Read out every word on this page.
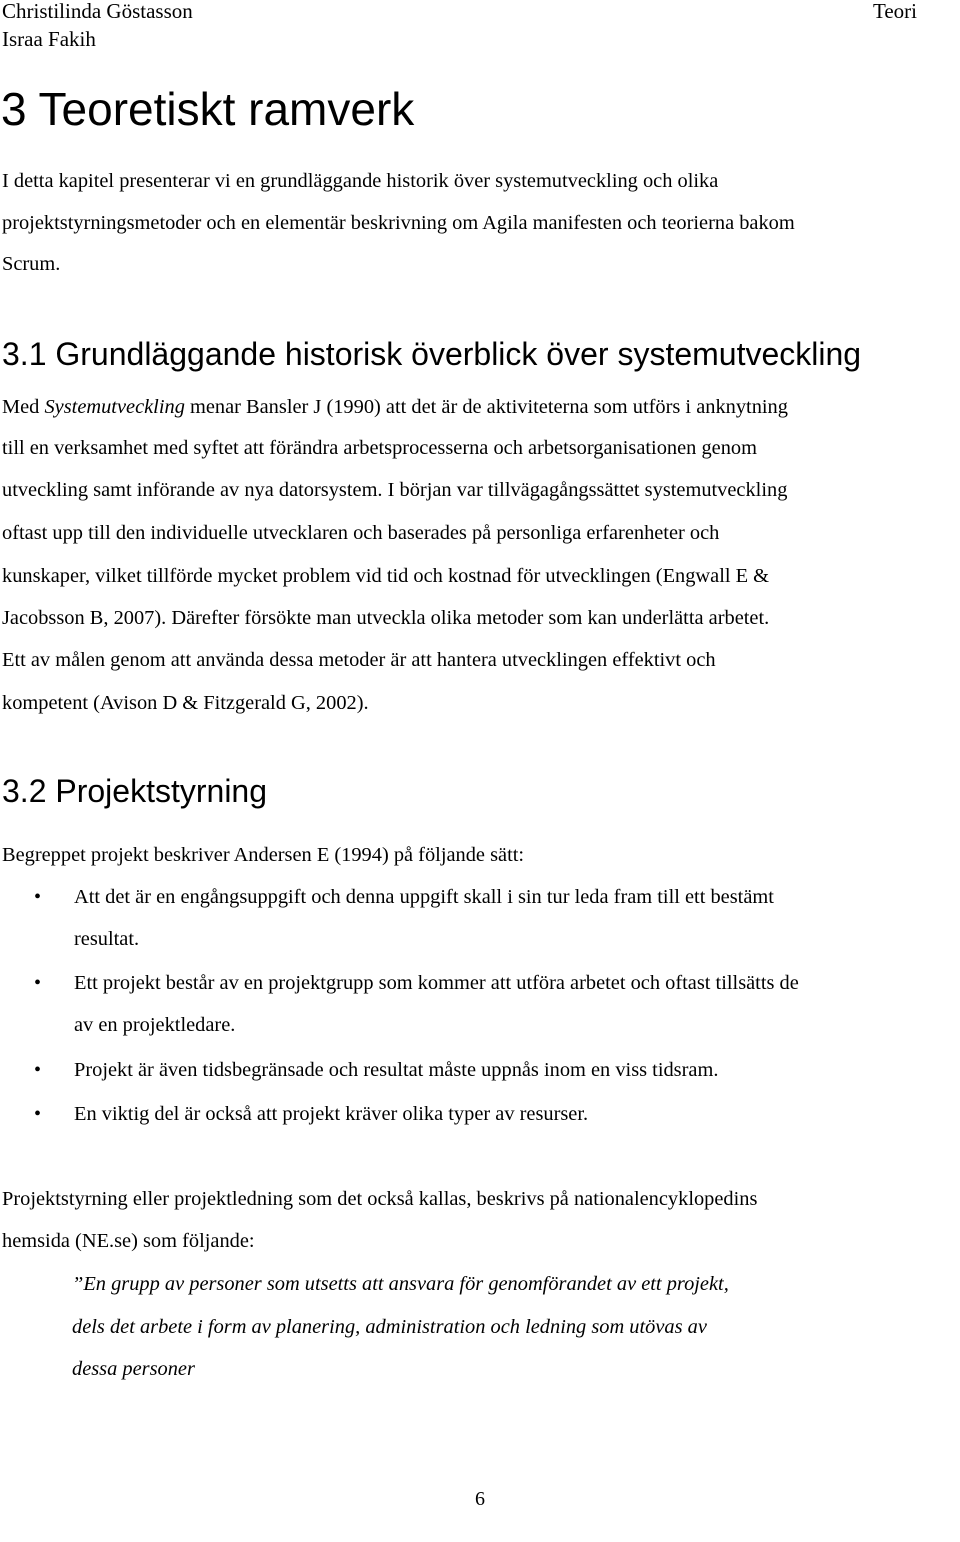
Christilinda Göstasson
Israa Fakih
Teori
3 Teoretiskt ramverk
I detta kapitel presenterar vi en grundläggande historik över systemutveckling och olika
projektstyrningsmetoder och en elementär beskrivning om Agila manifesten och teorierna bakom
Scrum.
3.1 Grundläggande historisk överblick över systemutveckling
Med Systemutveckling menar Bansler J (1990) att det är de aktiviteterna som utförs i anknytning
till en verksamhet med syftet att förändra arbetsprocesserna och arbetsorganisationen genom
utveckling samt införande av nya datorsystem. I början var tillvägagångssättet systemutveckling
oftast upp till den individuelle utvecklaren och baserades på personliga erfarenheter och
kunskaper, vilket tillförde mycket problem vid tid och kostnad för utvecklingen (Engwall E &
Jacobsson B, 2007). Därefter försökte man utveckla olika metoder som kan underlätta arbetet.
Ett av målen genom att använda dessa metoder är att hantera utvecklingen effektivt och
kompetent (Avison D & Fitzgerald G, 2002).
3.2 Projektstyrning
Begreppet projekt beskriver Andersen E (1994) på följande sätt:
• Att det är en engångsuppgift och denna uppgift skall i sin tur leda fram till ett bestämt
resultat.
• Ett projekt består av en projektgrupp som kommer att utföra arbetet och oftast tillsätts de
av en projektledare.
• Projekt är även tidsbegränsade och resultat måste uppnås inom en viss tidsram.
• En viktig del är också att projekt kräver olika typer av resurser.
Projektstyrning eller projektledning som det också kallas, beskrivs på nationalencyklopedins
hemsida (NE.se) som följande:
”En grupp av personer som utsetts att ansvara för genomförandet av ett projekt,
dels det arbete i form av planering, administration och ledning som utövas av
dessa personer
6
